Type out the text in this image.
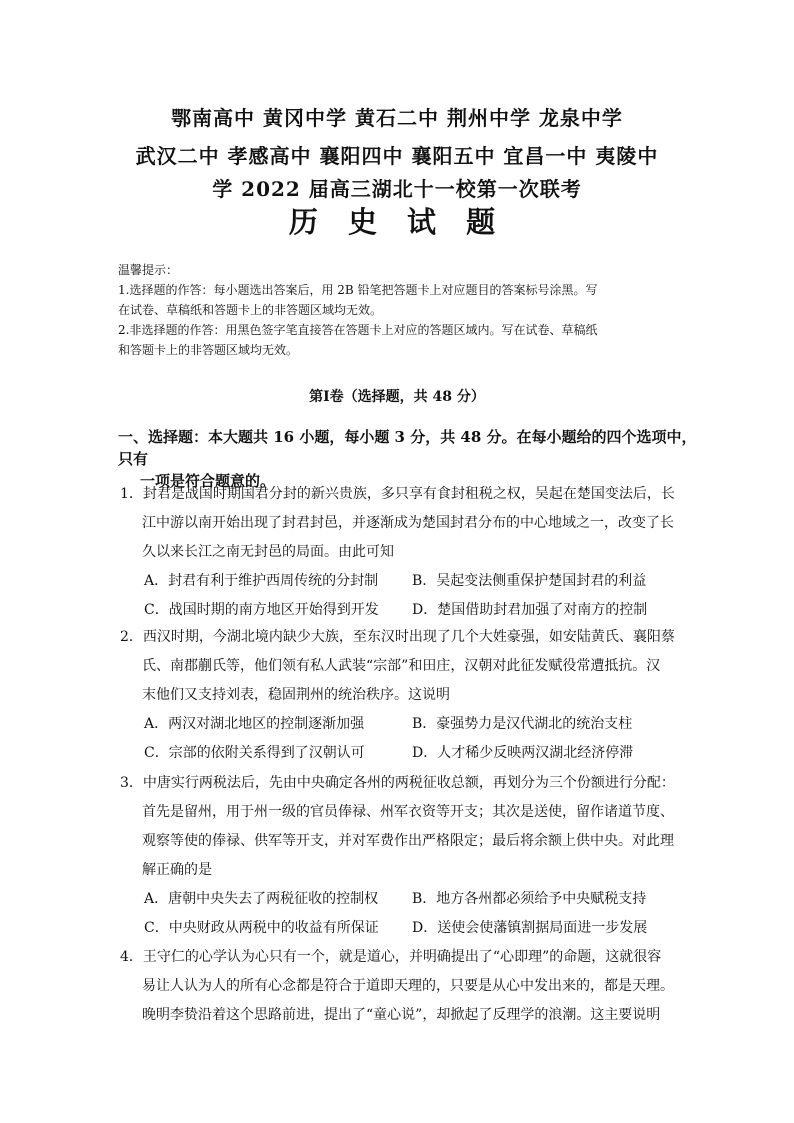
鄂南高中 黄冈中学 黄石二中 荆州中学 龙泉中学
武汉二中 孝感高中 襄阳四中 襄阳五中 宜昌一中 夷陵中
学 2022 届高三湖北十一校第一次联考
历 史 试 题
温馨提示：
1.选择题的作答：每小题选出答案后，用 2B 铅笔把答题卡上对应题目的答案标号涂黑。写
在试卷、草稿纸和答题卡上的非答题区域均无效。
2.非选择题的作答：用黑色签字笔直接答在答题卡上对应的答题区域内。写在试卷、草稿纸
和答题卡上的非答题区域均无效。
第Ⅰ卷（选择题，共 48 分）
一、选择题：本大题共 16 小题，每小题 3 分，共 48 分。在每小题给的四个选项中，只有
一项是符合题意的。
1．封君是战国时期国君分封的新兴贵族，多只享有食封租税之权，吴起在楚国变法后，长
江中游以南开始出现了封君封邑，并逐渐成为楚国封君分布的中心地域之一，改变了长
久以来长江之南无封邑的局面。由此可知
A．封君有利于维护西周传统的分封制	B．吴起变法侧重保护楚国封君的利益
C．战国时期的南方地区开始得到开发	D．楚国借助封君加强了对南方的控制
2．西汉时期，今湖北境内缺少大族，至东汉时出现了几个大姓豪强，如安陆黄氏、襄阳蔡
氏、南郡蒯氏等，他们领有私人武装“宗部”和田庄，汉朝对此征发赋役常遭抵抗。汉
末他们又支持刘表，稳固荆州的统治秩序。这说明
A．两汉对湖北地区的控制逐渐加强	B．豪强势力是汉代湖北的统治支柱
C．宗部的依附关系得到了汉朝认可	D．人才稀少反映两汉湖北经济停滞
3．中唐实行两税法后，先由中央确定各州的两税征收总额，再划分为三个份额进行分配：
首先是留州，用于州一级的官员俸禄、州军衣资等开支；其次是送使，留作诸道节度、
观察等使的俸禄、供军等开支，并对军费作出严格限定；最后将余额上供中央。对此理
解正确的是
A．唐朝中央失去了两税征收的控制权	B．地方各州都必须给予中央赋税支持
C．中央财政从两税中的收益有所保证	D．送使会使藩镇割据局面进一步发展
4．王守仁的心学认为心只有一个，就是道心，并明确提出了“心即理”的命题，这就很容
易让人认为人的所有心念都是符合于道即天理的，只要是从心中发出来的，都是天理。
晚明李贽沿着这个思路前进，提出了“童心说”，却掀起了反理学的浪潮。这主要说明
